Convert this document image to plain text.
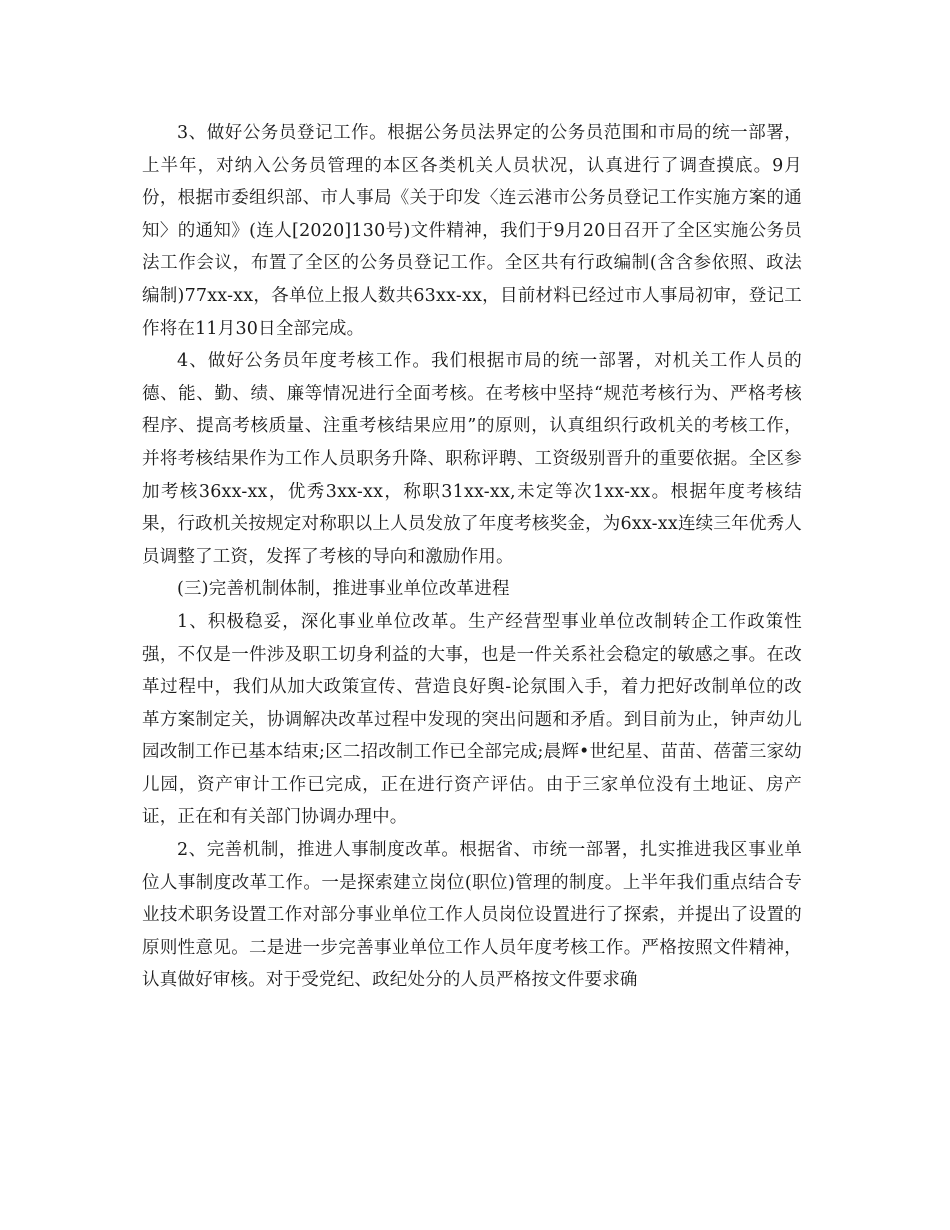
3、做好公务员登记工作。根据公务员法界定的公务员范围和市局的统一部署，上半年，对纳入公务员管理的本区各类机关人员状况，认真进行了调查摸底。9月份，根据市委组织部、市人事局《关于印发〈连云港市公务员登记工作实施方案的通知〉的通知》(连人[2020]130号)文件精神，我们于9月20日召开了全区实施公务员法工作会议，布置了全区的公务员登记工作。全区共有行政编制(含含参依照、政法编制)77xx-xx，各单位上报人数共63xx-xx，目前材料已经过市人事局初审，登记工作将在11月30日全部完成。

4、做好公务员年度考核工作。我们根据市局的统一部署，对机关工作人员的德、能、勤、绩、廉等情况进行全面考核。在考核中坚持“规范考核行为、严格考核程序、提高考核质量、注重考核结果应用”的原则，认真组织行政机关的考核工作，并将考核结果作为工作人员职务升降、职称评聘、工资级别晋升的重要依据。全区参加考核36xx-xx，优秀3xx-xx，称职31xx-xx,未定等次1xx-xx。根据年度考核结果，行政机关按规定对称职以上人员发放了年度考核奖金，为6xx-xx连续三年优秀人员调整了工资，发挥了考核的导向和激励作用。

(三)完善机制体制，推进事业单位改革进程

1、积极稳妥，深化事业单位改革。生产经营型事业单位改制转企工作政策性强，不仅是一件涉及职工切身利益的大事，也是一件关系社会稳定的敏感之事。在改革过程中，我们从加大政策宣传、营造良好舆-论氛围入手，着力把好改制单位的改革方案制定关，协调解决改革过程中发现的突出问题和矛盾。到目前为止，钟声幼儿园改制工作已基本结束;区二招改制工作已全部完成;晨辉•世纪星、苗苗、蓓蕾三家幼儿园，资产审计工作已完成，正在进行资产评估。由于三家单位没有土地证、房产证，正在和有关部门协调办理中。

2、完善机制，推进人事制度改革。根据省、市统一部署，扎实推进我区事业单位人事制度改革工作。一是探索建立岗位(职位)管理的制度。上半年我们重点结合专业技术职务设置工作对部分事业单位工作人员岗位设置进行了探索，并提出了设置的原则性意见。二是进一步完善事业单位工作人员年度考核工作。严格按照文件精神，认真做好审核。对于受党纪、政纪处分的人员严格按文件要求确
